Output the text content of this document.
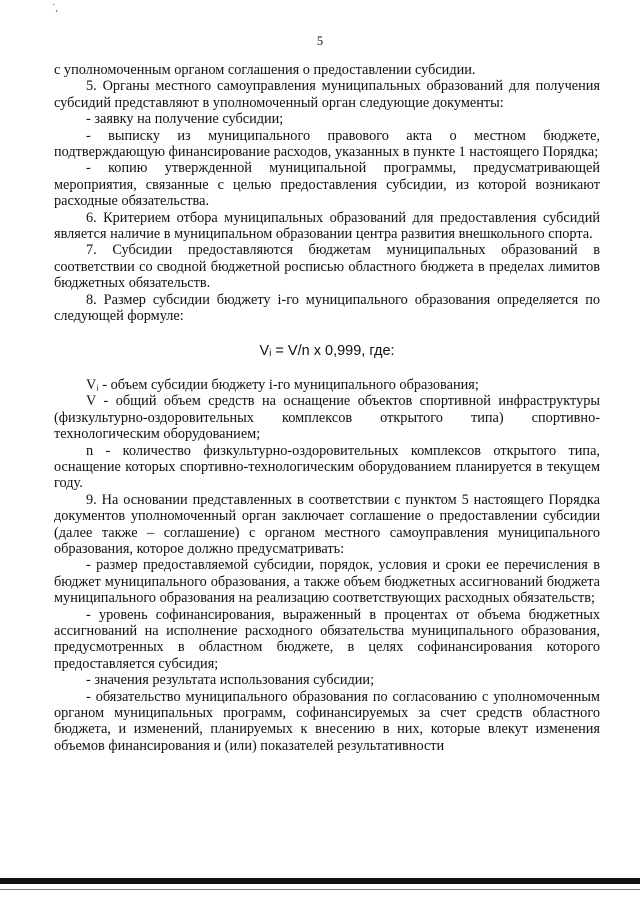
˙,
5

с уполномоченным органом соглашения о предоставлении субсидии.

5. Органы местного самоуправления муниципальных образований для получения субсидий представляют в уполномоченный орган следующие документы:

- заявку на получение субсидии;

- выписку из муниципального правового акта о местном бюджете, подтверждающую финансирование расходов, указанных в пункте 1 настоящего Порядка;

- копию утвержденной муниципальной программы, предусматривающей мероприятия, связанные с целью предоставления субсидии, из которой возникают расходные обязательства.

6. Критерием отбора муниципальных образований для предоставления субсидий является наличие в муниципальном образовании центра развития внешкольного спорта.

7. Субсидии предоставляются бюджетам муниципальных образований в соответствии со сводной бюджетной росписью областного бюджета в пределах лимитов бюджетных обязательств.

8. Размер субсидии бюджету i-го муниципального образования определяется по следующей формуле:

Vᵢ = V/n x 0,999, где:

Vᵢ - объем субсидии бюджету i-го муниципального образования;

V - общий объем средств на оснащение объектов спортивной инфраструктуры (физкультурно-оздоровительных комплексов открытого типа) спортивно-технологическим оборудованием;

n - количество физкультурно-оздоровительных комплексов открытого типа, оснащение которых спортивно-технологическим оборудованием планируется в текущем году.

9. На основании представленных в соответствии с пунктом 5 настоящего Порядка документов уполномоченный орган заключает соглашение о предоставлении субсидии (далее также – соглашение) с органом местного самоуправления муниципального образования, которое должно предусматривать:

- размер предоставляемой субсидии, порядок, условия и сроки ее перечисления в бюджет муниципального образования, а также объем бюджетных ассигнований бюджета муниципального образования на реализацию соответствующих расходных обязательств;

- уровень софинансирования, выраженный в процентах от объема бюджетных ассигнований на исполнение расходного обязательства муниципального образования, предусмотренных в областном бюджете, в целях софинансирования которого предоставляется субсидия;

- значения результата использования субсидии;

- обязательство муниципального образования по согласованию с уполномоченным органом муниципальных программ, софинансируемых за счет средств областного бюджета, и изменений, планируемых к внесению в них, которые влекут изменения объемов финансирования и (или) показателей результативности
